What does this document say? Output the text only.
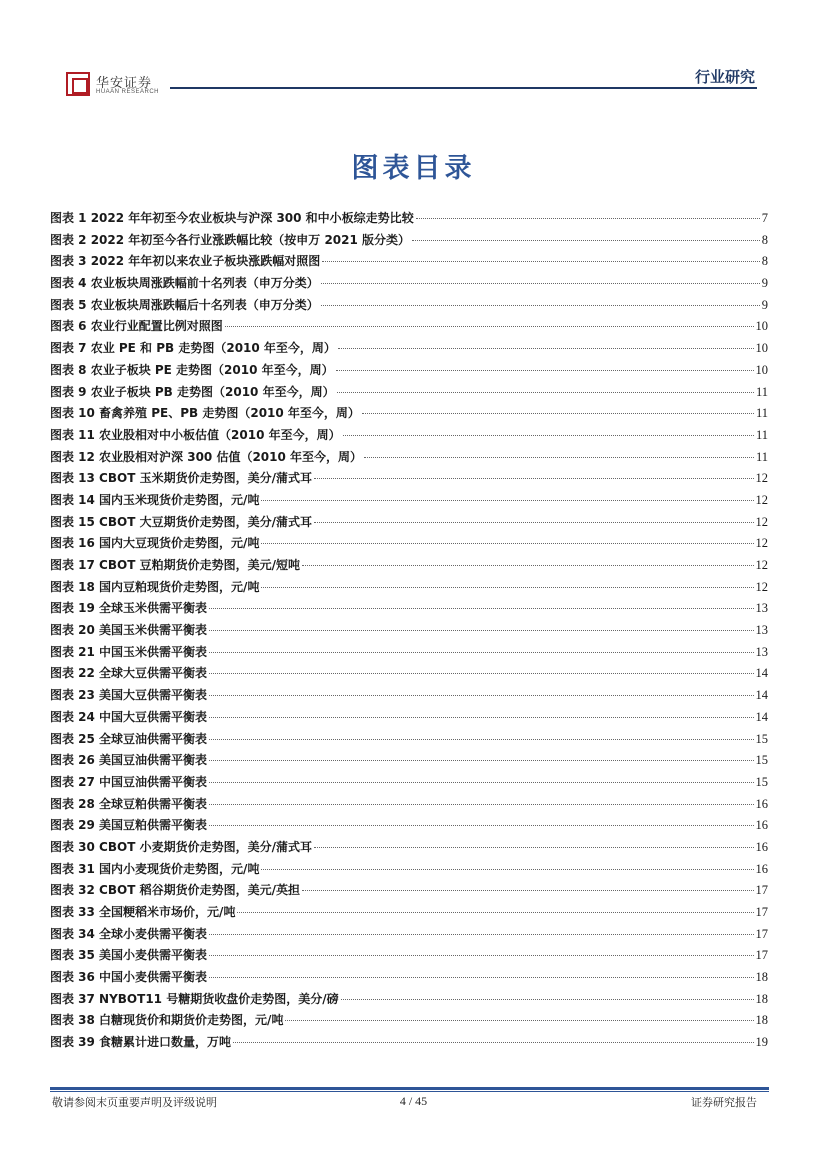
华安证券
HUAAN RESEARCH
行业研究
图表目录
图表 1 2022 年年初至今农业板块与沪深 300 和中小板综走势比较	7
图表 2 2022 年初至今各行业涨跌幅比较（按申万 2021 版分类）	8
图表 3 2022 年年初以来农业子板块涨跌幅对照图	8
图表 4 农业板块周涨跌幅前十名列表（申万分类）	9
图表 5 农业板块周涨跌幅后十名列表（申万分类）	9
图表 6 农业行业配置比例对照图	10
图表 7 农业 PE 和 PB 走势图（2010 年至今，周）	10
图表 8 农业子板块 PE 走势图（2010 年至今，周）	10
图表 9 农业子板块 PB 走势图（2010 年至今，周）	11
图表 10 畜禽养殖 PE、PB 走势图（2010 年至今，周）	11
图表 11 农业股相对中小板估值（2010 年至今，周）	11
图表 12 农业股相对沪深 300 估值（2010 年至今，周）	11
图表 13 CBOT 玉米期货价走势图，美分/蒲式耳	12
图表 14 国内玉米现货价走势图，元/吨	12
图表 15 CBOT 大豆期货价走势图，美分/蒲式耳	12
图表 16 国内大豆现货价走势图，元/吨	12
图表 17 CBOT 豆粕期货价走势图，美元/短吨	12
图表 18 国内豆粕现货价走势图，元/吨	12
图表 19 全球玉米供需平衡表	13
图表 20 美国玉米供需平衡表	13
图表 21 中国玉米供需平衡表	13
图表 22 全球大豆供需平衡表	14
图表 23 美国大豆供需平衡表	14
图表 24 中国大豆供需平衡表	14
图表 25 全球豆油供需平衡表	15
图表 26 美国豆油供需平衡表	15
图表 27 中国豆油供需平衡表	15
图表 28 全球豆粕供需平衡表	16
图表 29 美国豆粕供需平衡表	16
图表 30 CBOT 小麦期货价走势图，美分/蒲式耳	16
图表 31 国内小麦现货价走势图，元/吨	16
图表 32 CBOT 稻谷期货价走势图，美元/英担	17
图表 33 全国粳稻米市场价，元/吨	17
图表 34 全球小麦供需平衡表	17
图表 35 美国小麦供需平衡表	17
图表 36 中国小麦供需平衡表	18
图表 37 NYBOT11 号糖期货收盘价走势图，美分/磅	18
图表 38 白糖现货价和期货价走势图，元/吨	18
图表 39 食糖累计进口数量，万吨	19
敬请参阅末页重要声明及评级说明	4 / 45	证券研究报告
